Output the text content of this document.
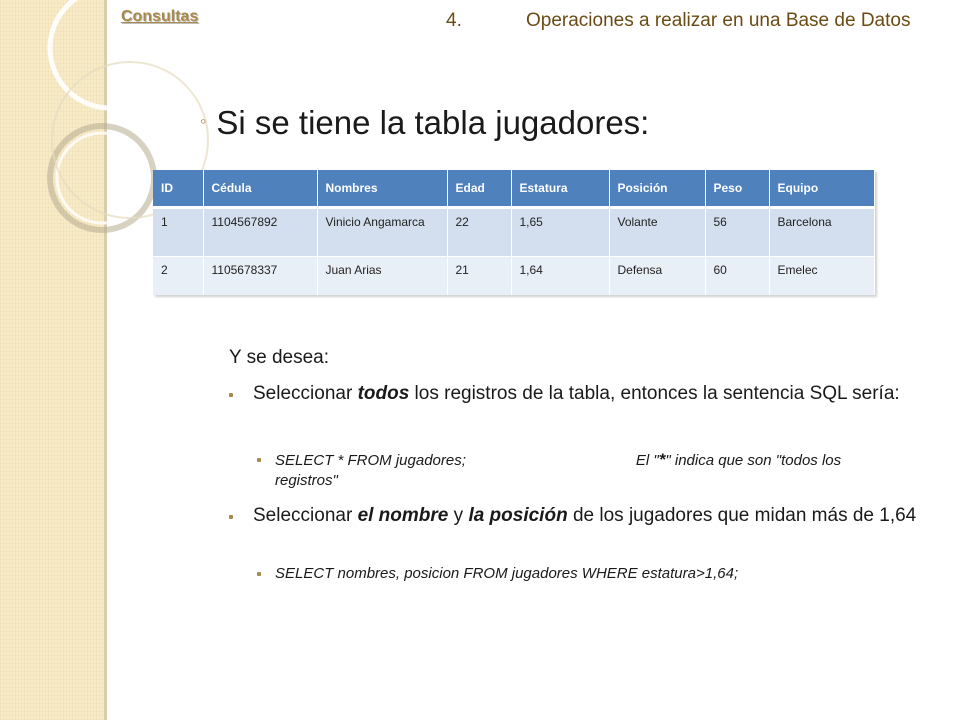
Consultas	4.	Operaciones a realizar en una Base de Datos
◦ Si se tiene la tabla jugadores:
ID	Cédula	Nombres	Edad	Estatura	Posición	Peso	Equipo
1	1104567892	Vinicio Angamarca	22	1,65	Volante	56	Barcelona
2	1105678337	Juan Arias	21	1,64	Defensa	60	Emelec
Y se desea:
Seleccionar todos los registros de la tabla, entonces la sentencia SQL sería:
SELECT * FROM jugadores;	El "*" indica que son "todos los registros"
Seleccionar el nombre y la posición de los jugadores que midan más de 1,64
SELECT nombres, posicion FROM jugadores WHERE estatura>1,64;
